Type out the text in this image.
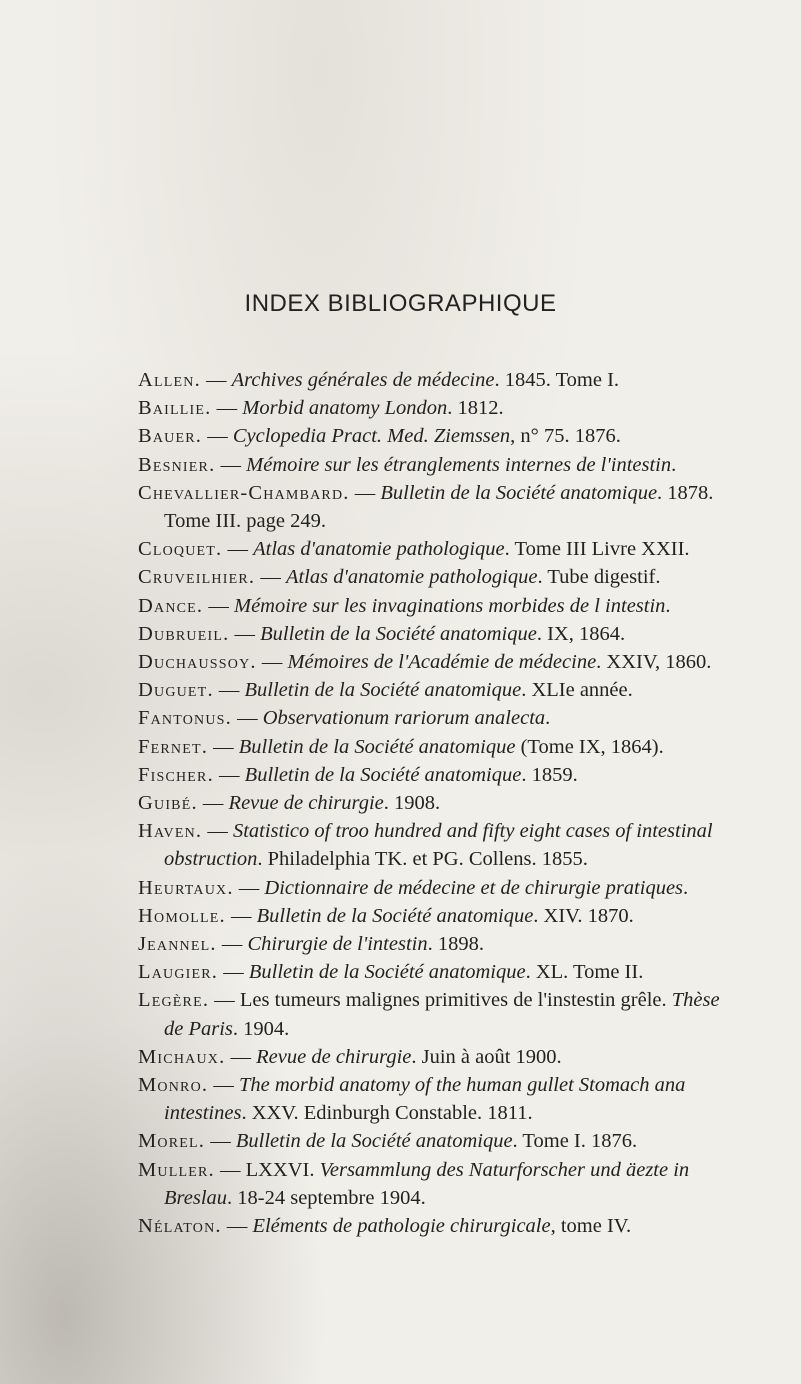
INDEX BIBLIOGRAPHIQUE
Allen. — Archives générales de médecine. 1845. Tome I.
Baillie. — Morbid anatomy London. 1812.
Bauer. — Cyclopedia Pract. Med. Ziemssen, n° 75. 1876.
Besnier. — Mémoire sur les étranglements internes de l'intestin.
Chevallier-Chambard. — Bulletin de la Société anatomique. 1878.
Tome III. page 249.
Cloquet. — Atlas d'anatomie pathologique. Tome III Livre XXII.
Cruveilhier. — Atlas d'anatomie pathologique. Tube digestif.
Dance. — Mémoire sur les invaginations morbides de l intestin.
Dubrueil. — Bulletin de la Société anatomique. IX, 1864.
Duchaussoy. — Mémoires de l'Académie de médecine. XXIV, 1860.
Duguet. — Bulletin de la Société anatomique. XLIe année.
Fantonus. — Observationum rariorum analecta.
Fernet. — Bulletin de la Société anatomique (Tome IX, 1864).
Fischer. — Bulletin de la Société anatomique. 1859.
Guibé. — Revue de chirurgie. 1908.
Haven. — Statistico of troo hundred and fifty eight cases of intestinal
obstruction. Philadelphia TK. et PG. Collens. 1855.
Heurtaux. — Dictionnaire de médecine et de chirurgie pratiques.
Homolle. — Bulletin de la Société anatomique. XIV. 1870.
Jeannel. — Chirurgie de l'intestin. 1898.
Laugier. — Bulletin de la Société anatomique. XL. Tome II.
Legère. — Les tumeurs malignes primitives de l'instestin grêle. Thèse
de Paris. 1904.
Michaux. — Revue de chirurgie. Juin à août 1900.
Monro. — The morbid anatomy of the human gullet Stomach ana
intestines. XXV. Edinburgh Constable. 1811.
Morel. — Bulletin de la Société anatomique. Tome I. 1876.
Muller. — LXXVI. Versammlung des Naturforscher und äezte in
Breslau. 18-24 septembre 1904.
Nélaton. — Eléments de pathologie chirurgicale, tome IV.
